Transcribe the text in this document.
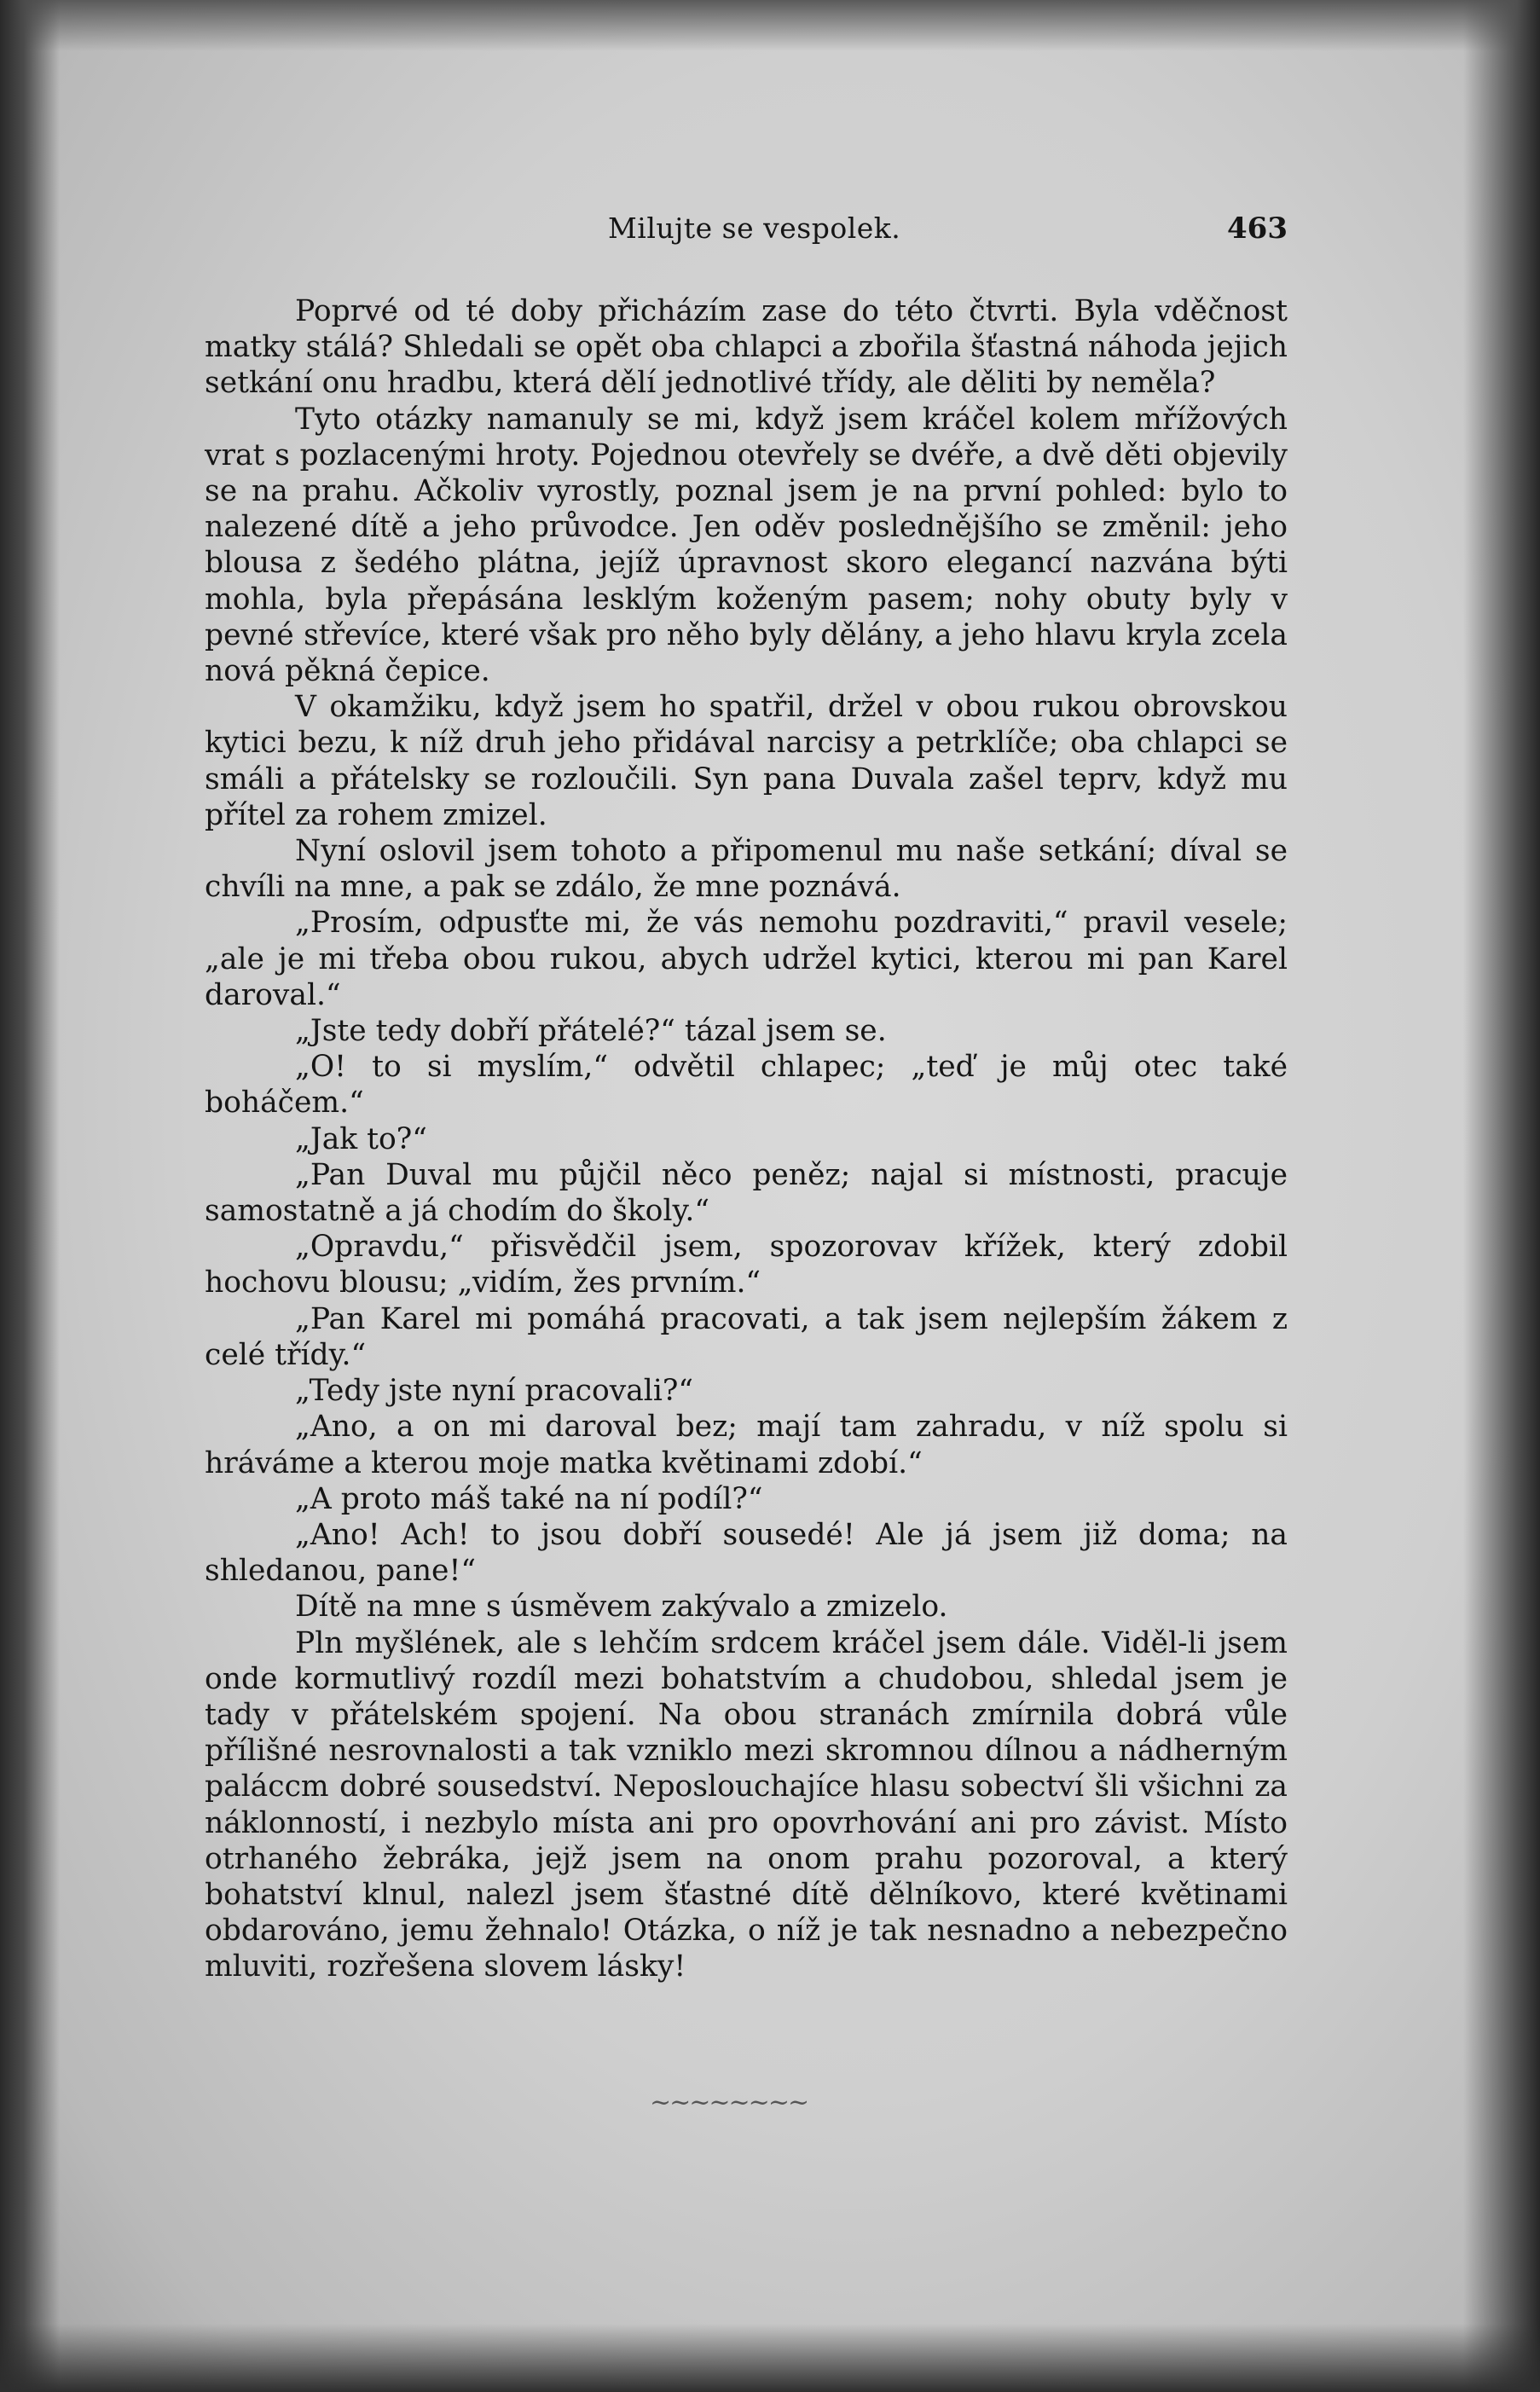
Milujte se vespolek.	463

Poprvé od té doby přicházím zase do této čtvrti. Byla vděčnost matky stálá? Shledali se opět oba chlapci a zbořila šťastná náhoda jejich setkání onu hradbu, která dělí jednotlivé třídy, ale děliti by neměla?

Tyto otázky namanuly se mi, když jsem kráčel kolem mřížových vrat s pozlacenými hroty. Pojednou otevřely se dvéře, a dvě děti objevily se na prahu. Ačkoliv vyrostly, poznal jsem je na první pohled: bylo to nalezené dítě a jeho průvodce. Jen oděv poslednějšího se změnil: jeho blousa z šedého plátna, jejíž úpravnost skoro elegancí nazvána býti mohla, byla přepásána lesklým koženým pasem; nohy obuty byly v pevné střevíce, které však pro něho byly dělány, a jeho hlavu kryla zcela nová pěkná čepice.

V okamžiku, když jsem ho spatřil, držel v obou rukou obrovskou kytici bezu, k níž druh jeho přidával narcisy a petrklíče; oba chlapci se smáli a přátelsky se rozloučili. Syn pana Duvala zašel teprv, když mu přítel za rohem zmizel.

Nyní oslovil jsem tohoto a připomenul mu naše setkání; díval se chvíli na mne, a pak se zdálo, že mne poznává.

„Prosím, odpusťte mi, že vás nemohu pozdraviti,“ pravil vesele; „ale je mi třeba obou rukou, abych udržel kytici, kterou mi pan Karel daroval.“

„Jste tedy dobří přátelé?“ tázal jsem se.

„O! to si myslím,“ odvětil chlapec; „teď je můj otec také boháčem.“

„Jak to?“

„Pan Duval mu půjčil něco peněz; najal si místnosti, pracuje samostatně a já chodím do školy.“

„Opravdu,“ přisvědčil jsem, spozorovav křížek, který zdobil hochovu blousu; „vidím, žes prvním.“

„Pan Karel mi pomáhá pracovati, a tak jsem nejlepším žákem z celé třídy.“

„Tedy jste nyní pracovali?“

„Ano, a on mi daroval bez; mají tam zahradu, v níž spolu si hráváme a kterou moje matka květinami zdobí.“

„A proto máš také na ní podíl?“

„Ano! Ach! to jsou dobří sousedé! Ale já jsem již doma; na shledanou, pane!“

Dítě na mne s úsměvem zakývalo a zmizelo.

Pln myšlének, ale s lehčím srdcem kráčel jsem dále. Viděl-li jsem onde kormutlivý rozdíl mezi bohatstvím a chudobou, shledal jsem je tady v přátelském spojení. Na obou stranách zmírnila dobrá vůle přílišné nesrovnalosti a tak vzniklo mezi skromnou dílnou a nádherným paláccm dobré sousedství. Neposlouchajíce hlasu sobectví šli všichni za náklonností, i nezbylo místa ani pro opovrhování ani pro závist. Místo otrhaného žebráka, jejž jsem na onom prahu pozoroval, a který bohatství klnul, nalezl jsem šťastné dítě dělníkovo, které květinami obdarováno, jemu žehnalo! Otázka, o níž je tak nesnadno a nebezpečno mluviti, rozřešena slovem lásky!

~~~~~~~~
